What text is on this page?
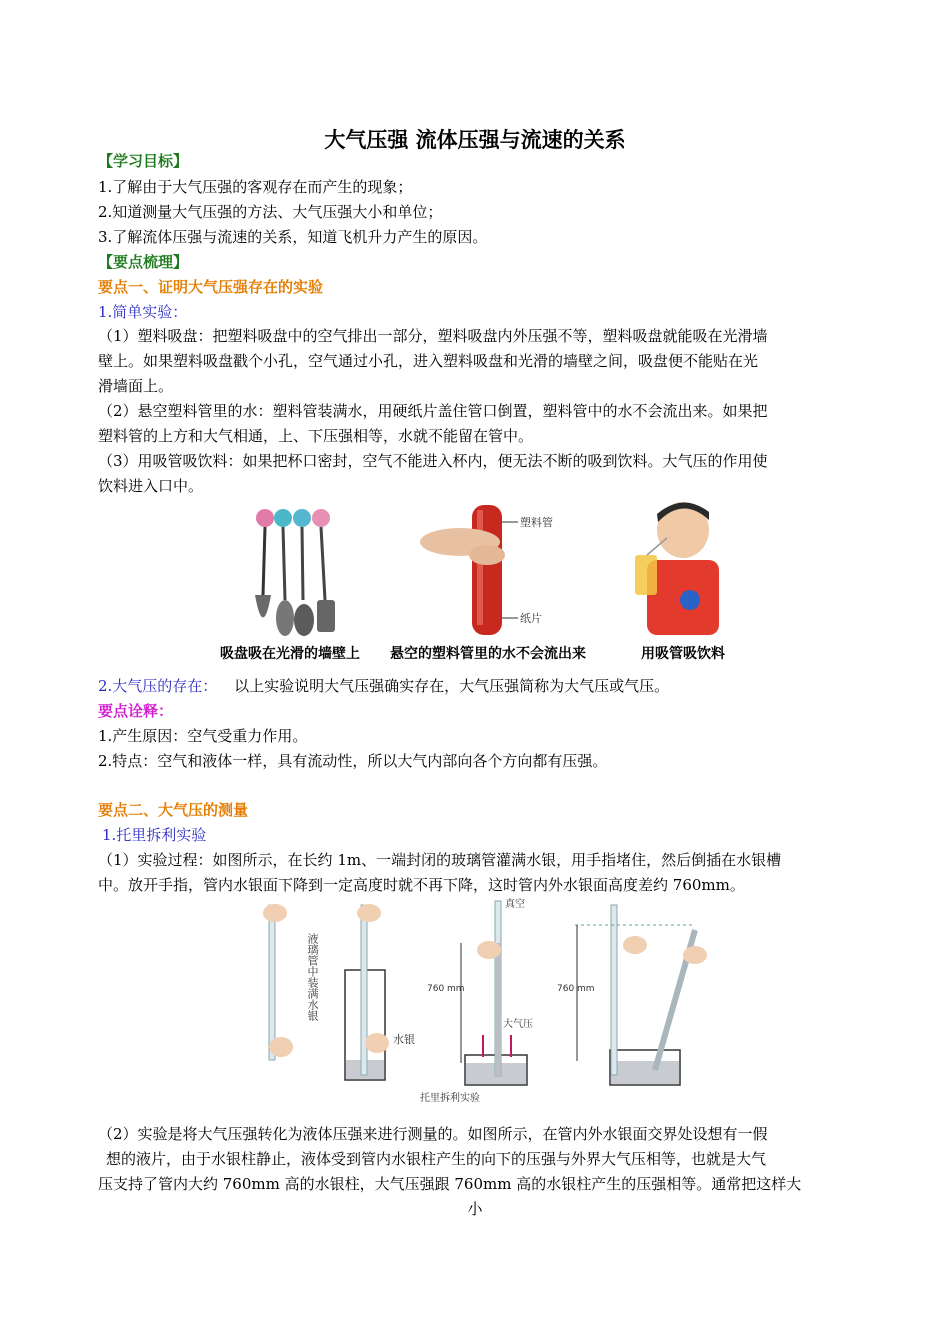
大气压强 流体压强与流速的关系
【学习目标】
1.了解由于大气压强的客观存在而产生的现象；
2.知道测量大气压强的方法、大气压强大小和单位；
3.了解流体压强与流速的关系，知道飞机升力产生的原因。
【要点梳理】
要点一、证明大气压强存在的实验
1.简单实验：
（1）塑料吸盘：把塑料吸盘中的空气排出一部分，塑料吸盘内外压强不等，塑料吸盘就能吸在光滑墙
壁上。如果塑料吸盘戳个小孔，空气通过小孔，进入塑料吸盘和光滑的墙壁之间，吸盘便不能贴在光
滑墙面上。
（2）悬空塑料管里的水：塑料管装满水，用硬纸片盖住管口倒置，塑料管中的水不会流出来。如果把
塑料管的上方和大气相通，上、下压强相等，水就不能留在管中。
（3）用吸管吸饮料：如果把杯口密封，空气不能进入杯内，便无法不断的吸到饮料。大气压的作用使
饮料进入口中。
塑料管
纸片
吸盘吸在光滑的墙壁上 悬空的塑料管里的水不会流出来	用吸管吸饮料
2.大气压的存在： 以上实验说明大气压强确实存在，大气压强简称为大气压或气压。
要点诠释：
1.产生原因：空气受重力作用。
2.特点：空气和液体一样，具有流动性，所以大气内部向各个方向都有压强。
要点二、大气压的测量
1.托里拆利实验
（1）实验过程：如图所示，在长约 1m、一端封闭的玻璃管灌满水银，用手指堵住，然后倒插在水银槽
中。放开手指，管内水银面下降到一定高度时就不再下降，这时管内外水银面高度差约 760mm。
液璃管中装满水银
水银
真空
760 mm
大气压
760 mm
托里拆利实验
（2）实验是将大气压强转化为液体压强来进行测量的。如图所示，在管内外水银面交界处设想有一假
想的液片，由于水银柱静止，液体受到管内水银柱产生的向下的压强与外界大气压相等，也就是大气
压支持了管内大约 760mm 高的水银柱，大气压强跟 760mm 高的水银柱产生的压强相等。通常把这样大
小
